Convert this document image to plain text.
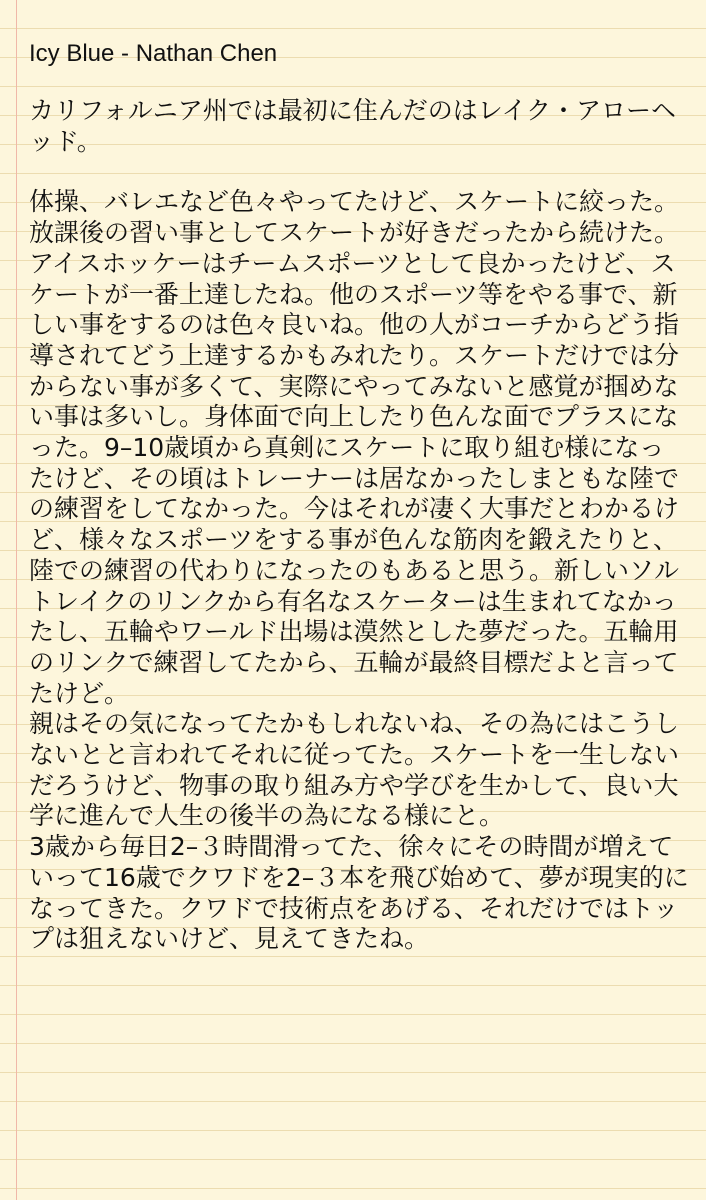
Icy Blue - Nathan Chen

カリフォルニア州では最初に住んだのはレイク・アローヘッド。

体操、バレエなど色々やってたけど、スケートに絞った。放課後の習い事としてスケートが好きだったから続けた。アイスホッケーはチームスポーツとして良かったけど、スケートが一番上達したね。他のスポーツ等をやる事で、新しい事をするのは色々良いね。他の人がコーチからどう指導されてどう上達するかもみれたり。スケートだけでは分からない事が多くて、実際にやってみないと感覚が掴めない事は多いし。身体面で向上したり色んな面でプラスになった。9–10歳頃から真剣にスケートに取り組む様になったけど、その頃はトレーナーは居なかったしまともな陸での練習をしてなかった。今はそれが凄く大事だとわかるけど、様々なスポーツをする事が色んな筋肉を鍛えたりと、陸での練習の代わりになったのもあると思う。新しいソルトレイクのリンクから有名なスケーターは生まれてなかったし、五輪やワールド出場は漠然とした夢だった。五輪用のリンクで練習してたから、五輪が最終目標だよと言ってたけど。

親はその気になってたかもしれないね、その為にはこうしないとと言われてそれに従ってた。スケートを一生しないだろうけど、物事の取り組み方や学びを生かして、良い大学に進んで人生の後半の為になる様にと。

3歳から毎日2–３時間滑ってた、徐々にその時間が増えていって16歳でクワドを2–３本を飛び始めて、夢が現実的になってきた。クワドで技術点をあげる、それだけではトップは狙えないけど、見えてきたね。
